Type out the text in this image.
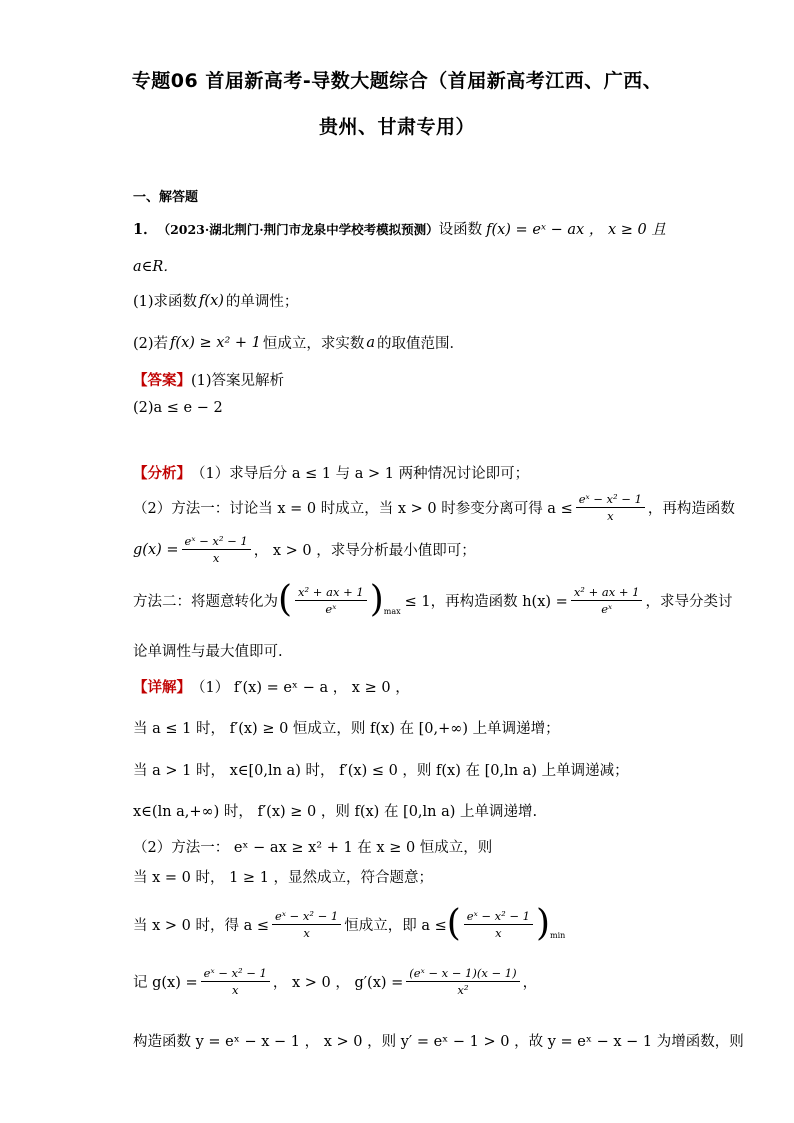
专题06 首届新高考-导数大题综合（首届新高考江西、广西、
贵州、甘肃专用）
一、解答题
1． （2023·湖北荆门·荆门市龙泉中学校考模拟预测） 设函数 f(x) = eˣ − ax ， x ≥ 0 且
a∈R．
(1)求函数 f(x) 的单调性；
(2)若 f(x) ≥ x² + 1 恒成立，求实数 a 的取值范围．
【答案】 (1)答案见解析
(2)a ≤ e − 2
【分析】 （1）求导后分 a ≤ 1 与 a > 1 两种情况讨论即可；
（2）方法一：讨论当 x = 0 时成立，当 x > 0 时参变分离可得 $a \le \frac{\text{eˣ − x² − 1}}{x}$ ，再构造函数
$g(x) = \frac{\text{eˣ − x² − 1}}{x}$ ， x > 0 ，求导分析最小值即可；
方法二：将题意转化为 ( $\frac{\text{x² + ax + 1}}{\text{eˣ}}$ ) max
≤ 1，再构造函数 $h(x) = \frac{\text{x² + ax + 1}}{\text{eˣ}}$ ，求导分类讨
论单调性与最大值即可.
【详解】 （1） f′(x) = eˣ − a ， x ≥ 0 ，
当 a ≤ 1 时， f′(x) ≥ 0 恒成立，则 f(x) 在 [0,+∞) 上单调递增；
当 a > 1 时， x∈[0,ln a) 时， f′(x) ≤ 0 ，则 f(x) 在 [0,ln a) 上单调递减；
x∈(ln a,+∞) 时， f′(x) ≥ 0 ，则 f(x) 在 [0,ln a) 上单调递增.
（2）方法一： eˣ − ax ≥ x² + 1 在 x ≥ 0 恒成立，则
当 x = 0 时， 1 ≥ 1 ，显然成立，符合题意；
当 x > 0 时，得 $a \le \frac{\text{eˣ − x² − 1}}{x}$ 恒成立，即 a ≤ ( $\frac{\text{eˣ − x² − 1}}{x}$ ) min
记 $g(x) = \frac{\text{eˣ − x² − 1}}{x}$ ， x > 0 ， $g'(x) = \frac{\text{(eˣ − x − 1)(x − 1)}}{\text{x²}}$ ，
构造函数 y = eˣ − x − 1 ， x > 0 ，则 y′ = eˣ − 1 > 0 ，故 y = eˣ − x − 1 为增函数，则
